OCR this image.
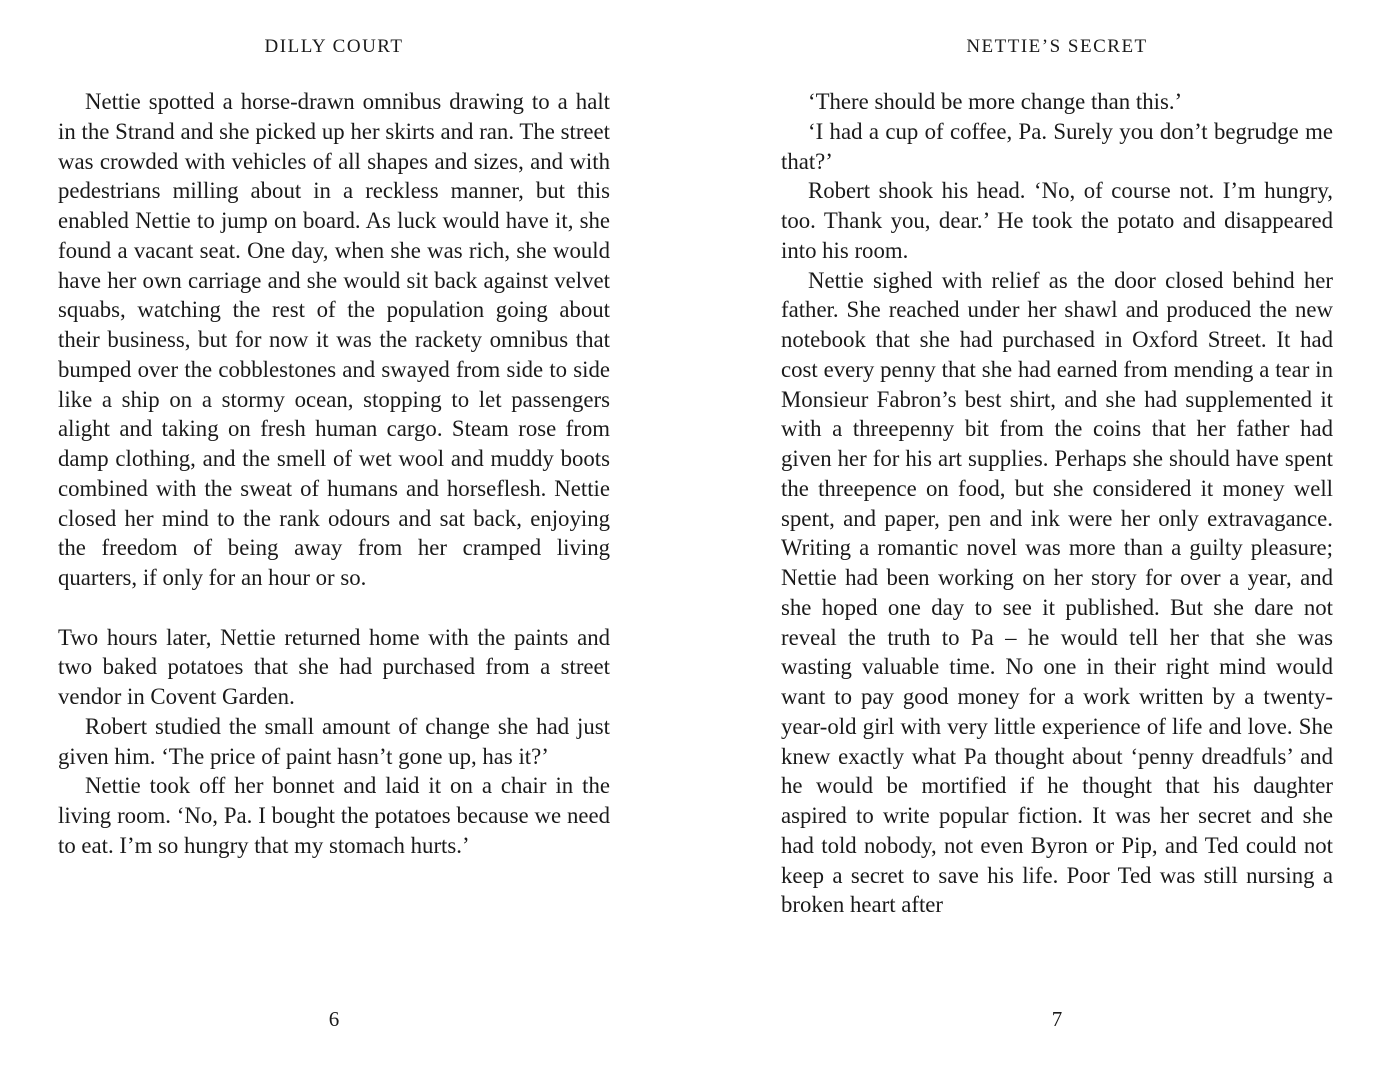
DILLY COURT

Nettie spotted a horse-drawn omnibus drawing to a halt in the Strand and she picked up her skirts and ran. The street was crowded with vehicles of all shapes and sizes, and with pedestrians milling about in a reckless manner, but this enabled Nettie to jump on board. As luck would have it, she found a vacant seat. One day, when she was rich, she would have her own carriage and she would sit back against velvet squabs, watching the rest of the population going about their business, but for now it was the rackety omnibus that bumped over the cobblestones and swayed from side to side like a ship on a stormy ocean, stopping to let passengers alight and taking on fresh human cargo. Steam rose from damp clothing, and the smell of wet wool and muddy boots combined with the sweat of humans and horseflesh. Nettie closed her mind to the rank odours and sat back, enjoying the freedom of being away from her cramped living quarters, if only for an hour or so.

Two hours later, Nettie returned home with the paints and two baked potatoes that she had purchased from a street vendor in Covent Garden.

Robert studied the small amount of change she had just given him. ‘The price of paint hasn’t gone up, has it?’

Nettie took off her bonnet and laid it on a chair in the living room. ‘No, Pa. I bought the potatoes because we need to eat. I’m so hungry that my stomach hurts.’

6
NETTIE’S SECRET

‘There should be more change than this.’

‘I had a cup of coffee, Pa. Surely you don’t begrudge me that?’

Robert shook his head. ‘No, of course not. I’m hungry, too. Thank you, dear.’ He took the potato and disappeared into his room.

Nettie sighed with relief as the door closed behind her father. She reached under her shawl and produced the new notebook that she had purchased in Oxford Street. It had cost every penny that she had earned from mending a tear in Monsieur Fabron’s best shirt, and she had supplemented it with a threepenny bit from the coins that her father had given her for his art supplies. Perhaps she should have spent the threepence on food, but she considered it money well spent, and paper, pen and ink were her only extravagance. Writing a romantic novel was more than a guilty pleasure; Nettie had been working on her story for over a year, and she hoped one day to see it published. But she dare not reveal the truth to Pa – he would tell her that she was wasting valuable time. No one in their right mind would want to pay good money for a work written by a twenty-year-old girl with very little experience of life and love. She knew exactly what Pa thought about ‘penny dreadfuls’ and he would be mortified if he thought that his daughter aspired to write popular fiction. It was her secret and she had told nobody, not even Byron or Pip, and Ted could not keep a secret to save his life. Poor Ted was still nursing a broken heart after

7
